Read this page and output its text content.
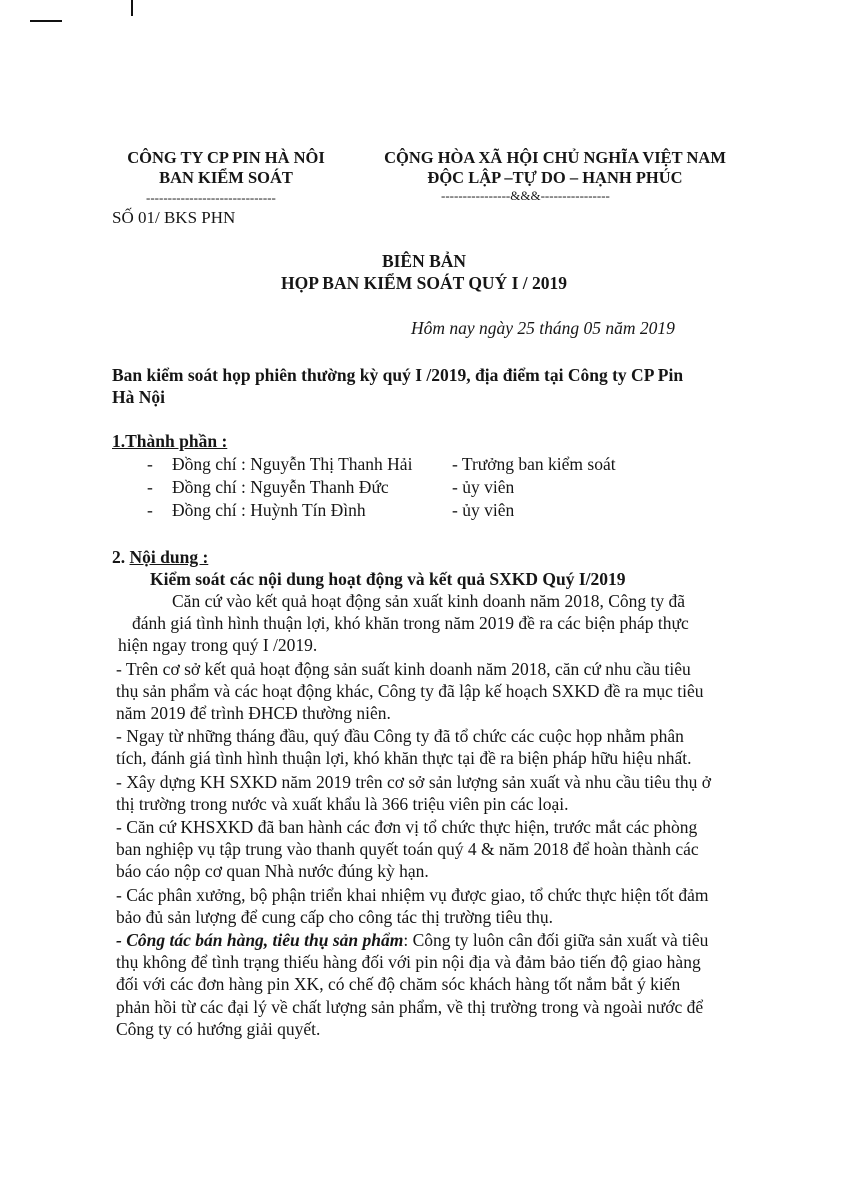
CÔNG TY CP PIN HÀ NÔI
BAN KIỂM SOÁT
------------------------------
SỐ 01/ BKS PHN
CỘNG HÒA XÃ HỘI CHỦ NGHĨA VIỆT NAM
ĐỘC LẬP –TỰ DO – HẠNH PHÚC
----------------&&&----------------
BIÊN BẢN
HỌP BAN KIỂM SOÁT QUÝ I / 2019
Hôm nay ngày 25 tháng 05 năm 2019
Ban kiểm soát họp phiên thường kỳ quý I /2019, địa điểm tại Công ty CP Pin
Hà Nội
1.Thành phần :
- Đồng chí : Nguyễn Thị Thanh Hải - Trưởng ban kiểm soát
- Đồng chí : Nguyễn Thanh Đức	- ủy viên
- Đồng chí : Huỳnh Tín Đình	- ủy viên
2. Nội dung :
Kiểm soát các nội dung hoạt động và kết quả SXKD Quý I/2019
Căn cứ vào kết quả hoạt động sản xuất kinh doanh năm 2018, Công ty đã
đánh giá tình hình thuận lợi, khó khăn trong năm 2019 đề ra các biện pháp thực
hiện ngay trong quý I /2019.
- Trên cơ sở kết quả hoạt động sản suất kinh doanh năm 2018, căn cứ nhu cầu tiêu
thụ sản phẩm và các hoạt động khác, Công ty đã lập kế hoạch SXKD đề ra mục tiêu
năm 2019 để trình ĐHCĐ thường niên.
- Ngay từ những tháng đầu, quý đầu Công ty đã tổ chức các cuộc họp nhằm phân
tích, đánh giá tình hình thuận lợi, khó khăn thực tại đề ra biện pháp hữu hiệu nhất.
- Xây dựng KH SXKD năm 2019 trên cơ sở sản lượng sản xuất và nhu cầu tiêu thụ ở
thị trường trong nước và xuất khẩu là 366 triệu viên pin các loại.
- Căn cứ KHSXKD đã ban hành các đơn vị tổ chức thực hiện, trước mắt các phòng
ban nghiệp vụ tập trung vào thanh quyết toán quý 4 & năm 2018 để hoàn thành các
báo cáo nộp cơ quan Nhà nước đúng kỳ hạn.
- Các phân xưởng, bộ phận triển khai nhiệm vụ được giao, tổ chức thực hiện tốt đảm
bảo đủ sản lượng để cung cấp cho công tác thị trường tiêu thụ.
- Công tác bán hàng, tiêu thụ sản phẩm: Công ty luôn cân đối giữa sản xuất và tiêu
thụ không để tình trạng thiếu hàng đối với pin nội địa và đảm bảo tiến độ giao hàng
đối với các đơn hàng pin XK, có chế độ chăm sóc khách hàng tốt nắm bắt ý kiến
phản hồi từ các đại lý về chất lượng sản phẩm, về thị trường trong và ngoài nước để
Công ty có hướng giải quyết.
